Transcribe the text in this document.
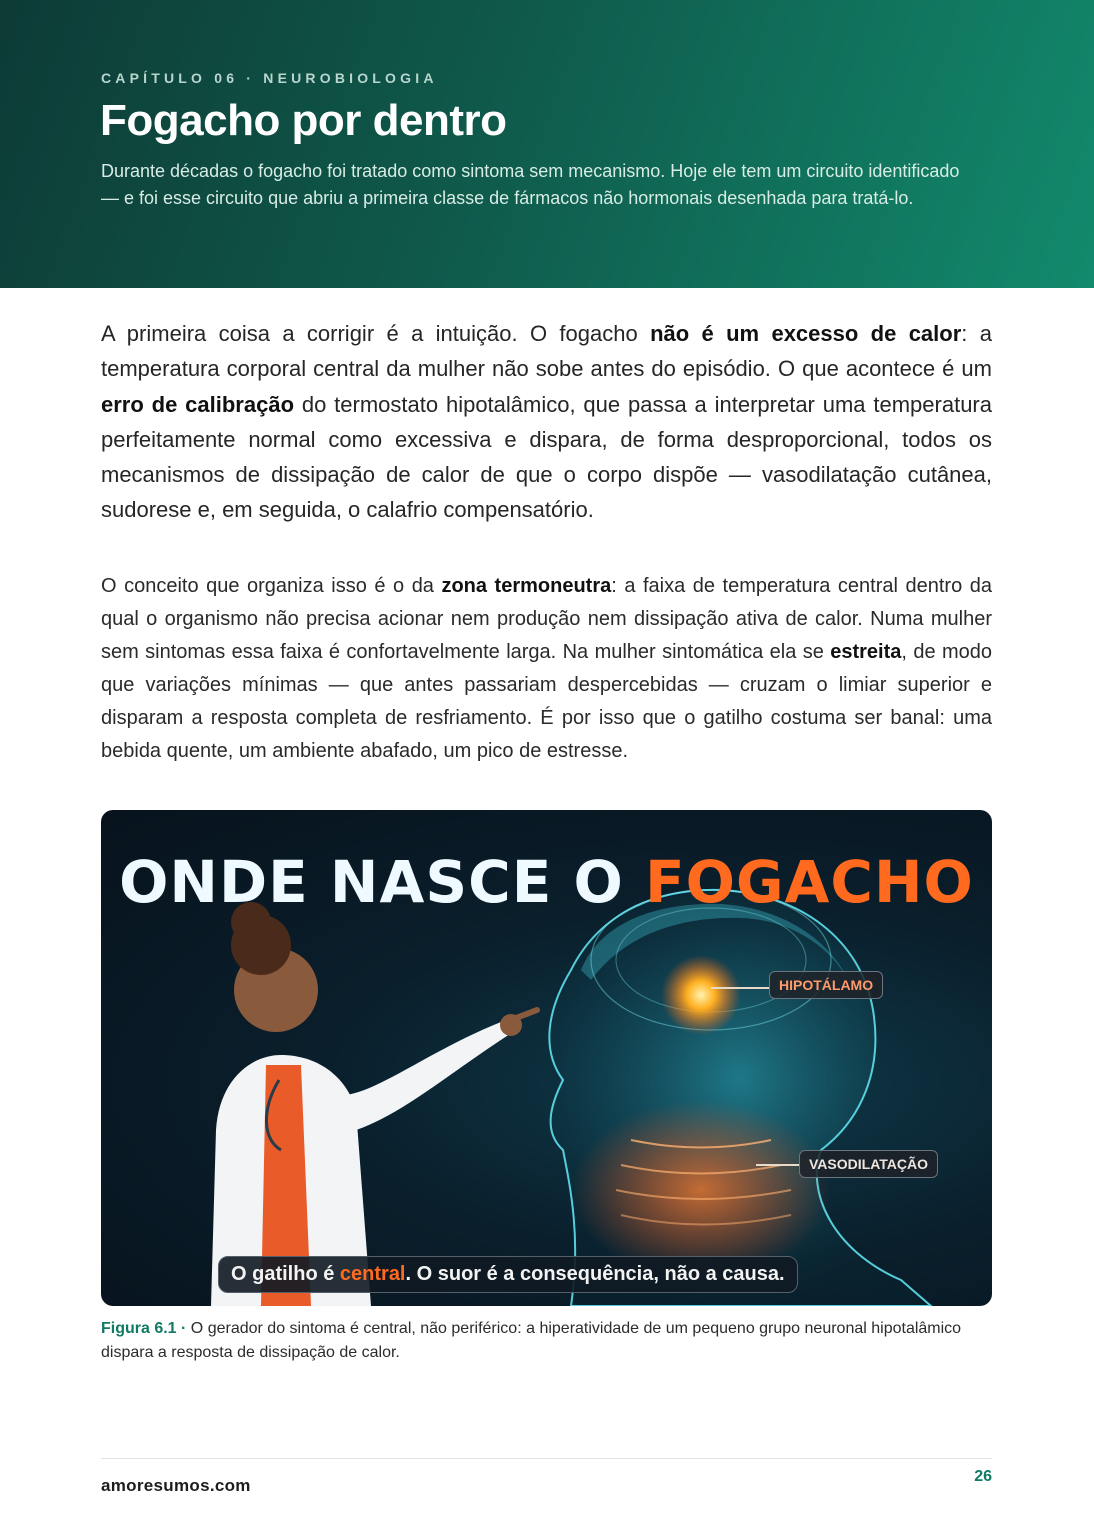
CAPÍTULO 06 · NEUROBIOLOGIA
Fogacho por dentro

Durante décadas o fogacho foi tratado como sintoma sem mecanismo. Hoje ele tem um circuito identificado — e foi esse circuito que abriu a primeira classe de fármacos não hormonais desenhada para tratá-lo.

A primeira coisa a corrigir é a intuição. O fogacho não é um excesso de calor: a temperatura corporal central da mulher não sobe antes do episódio. O que acontece é um erro de calibração do termostato hipotalâmico, que passa a interpretar uma temperatura perfeitamente normal como excessiva e dispara, de forma desproporcional, todos os mecanismos de dissipação de calor de que o corpo dispõe — vasodilatação cutânea, sudorese e, em seguida, o calafrio compensatório.

O conceito que organiza isso é o da zona termoneutra: a faixa de temperatura central dentro da qual o organismo não precisa acionar nem produção nem dissipação ativa de calor. Numa mulher sem sintomas essa faixa é confortavelmente larga. Na mulher sintomática ela se estreita, de modo que variações mínimas — que antes passariam despercebidas — cruzam o limiar superior e disparam a resposta completa de resfriamento. É por isso que o gatilho costuma ser banal: uma bebida quente, um ambiente abafado, um pico de estresse.

ONDE NASCE O FOGACHO
HIPOTÁLAMO
VASODILATAÇÃO
O gatilho é central. O suor é a consequência, não a causa.

Figura 6.1 · O gerador do sintoma é central, não periférico: a hiperatividade de um pequeno grupo neuronal hipotalâmico dispara a resposta de dissipação de calor.

amoresumos.com	26
